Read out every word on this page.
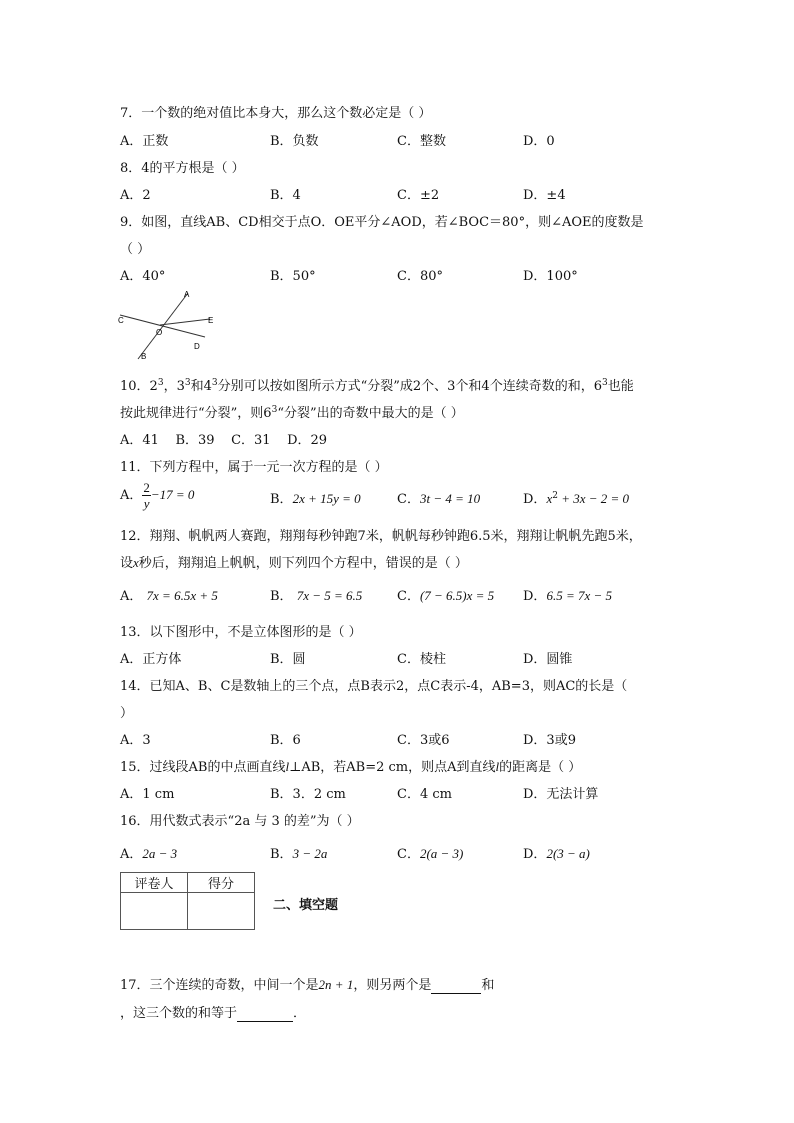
7．一个数的绝对值比本身大，那么这个数必定是（ ）
A．正数	B．负数	C．整数	D．0
8．4的平方根是（ ）
A．2	B．4	C．±2	D．±4
9．如图，直线AB、CD相交于点O．OE平分∠AOD，若∠BOC＝80°，则∠AOE的度数是
（ ）
A．40°	B．50°	C．80°	D．100°
A
C
O
E
B
D
10．$2^3$，$3^3$和$4^3$分别可以按如图所示方式“分裂”成2个、3个和4个连续奇数的和，$6^3$也能
按此规律进行“分裂”，则$6^3“$分裂”出的奇数中最大的是（ ）
A．41    B．39    C．31    D．29
11．下列方程中，属于一元一次方程的是（ ）
A． $\frac{2}{y} -17 = 0$	B．2x + 15y = 0	C．3t − 4 = 10	D．$x^2 + 3x - 2 = 0$
12．翔翔、帆帆两人赛跑，翔翔每秒钟跑7米，帆帆每秒钟跑6.5米，翔翔让帆帆先跑5米，
设x秒后，翔翔追上帆帆，则下列四个方程中，错误的是（ ）
A． 7x = 6.5x + 5	B． 7x − 5 = 6.5	C．(7 − 6.5)x = 5 D．6.5 = 7x − 5
13．以下图形中，不是立体图形的是（ ）
A．正方体	B．圆	C．棱柱	D．圆锥
14．已知A、B、C是数轴上的三个点，点B表示2，点C表示-4，AB=3，则AC的长是（
）
A．3	B．6	C．3或6	D．3或9
15．过线段AB的中点画直线l⊥AB，若AB=2 cm，则点A到直线l的距离是（ ）
A．1 cm	B．3．2 cm	C．4 cm	D．无法计算
16．用代数式表示“2a 与 3 的差”为（ ）
A．2a − 3	B．3 − 2a	C．2(a − 3)	D．2(3 − a)
评卷人	得分

二、填空题
17．三个连续的奇数，中间一个是2n + 1，则另两个是	和
，这三个数的和等于	．
